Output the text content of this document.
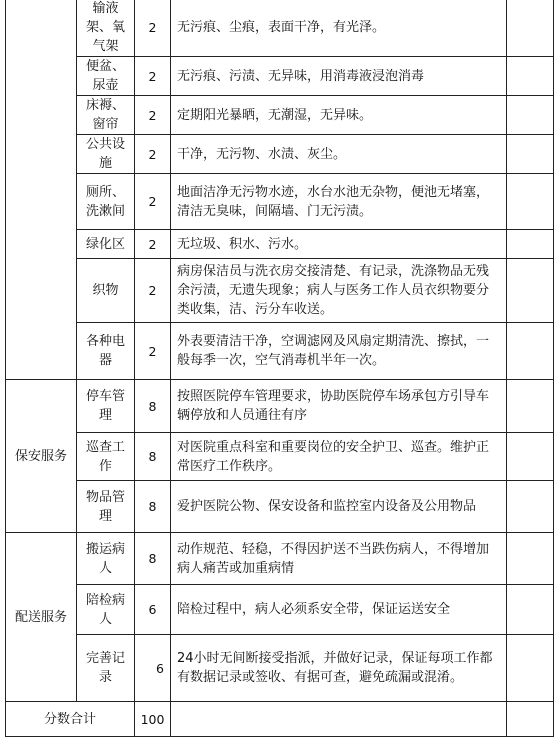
	输液架、氧气架	2	无污痕、尘痕，表面干净，有光泽。	
	便盆、尿壶	2	无污痕、污渍、无异味，用消毒液浸泡消毒	
	床褥、窗帘	2	定期阳光暴晒，无潮湿，无异味。	
	公共设施	2	干净，无污物、水渍、灰尘。	
	厕所、洗漱间	2	地面洁净无污物水迹，水台水池无杂物，便池无堵塞，清洁无臭味，间隔墙、门无污渍。	
	绿化区	2	无垃圾、积水、污水。	
	织物	2	病房保洁员与洗衣房交接清楚、有记录，洗涤物品无残余污渍，无遗失现象；病人与医务工作人员衣织物要分类收集，洁、污分车收送。	
	各种电器	2	外表要清洁干净，空调滤网及风扇定期清洗、擦拭，一般每季一次，空气消毒机半年一次。	
保安服务	停车管理	8	按照医院停车管理要求，协助医院停车场承包方引导车辆停放和人员通往有序	
	巡查工作	8	对医院重点科室和重要岗位的安全护卫、巡查。维护正常医疗工作秩序。	
	物品管理	8	爱护医院公物、保安设备和监控室内设备及公用物品	
配送服务	搬运病人	8	动作规范、轻稳，不得因护送不当跌伤病人，不得增加病人痛苦或加重病情	
	陪检病人	6	陪检过程中，病人必须系安全带，保证运送安全	
	完善记录	6	24小时无间断接受指派，并做好记录，保证每项工作都有数据记录或签收、有据可查，避免疏漏或混淆。	
分数合计		100		
